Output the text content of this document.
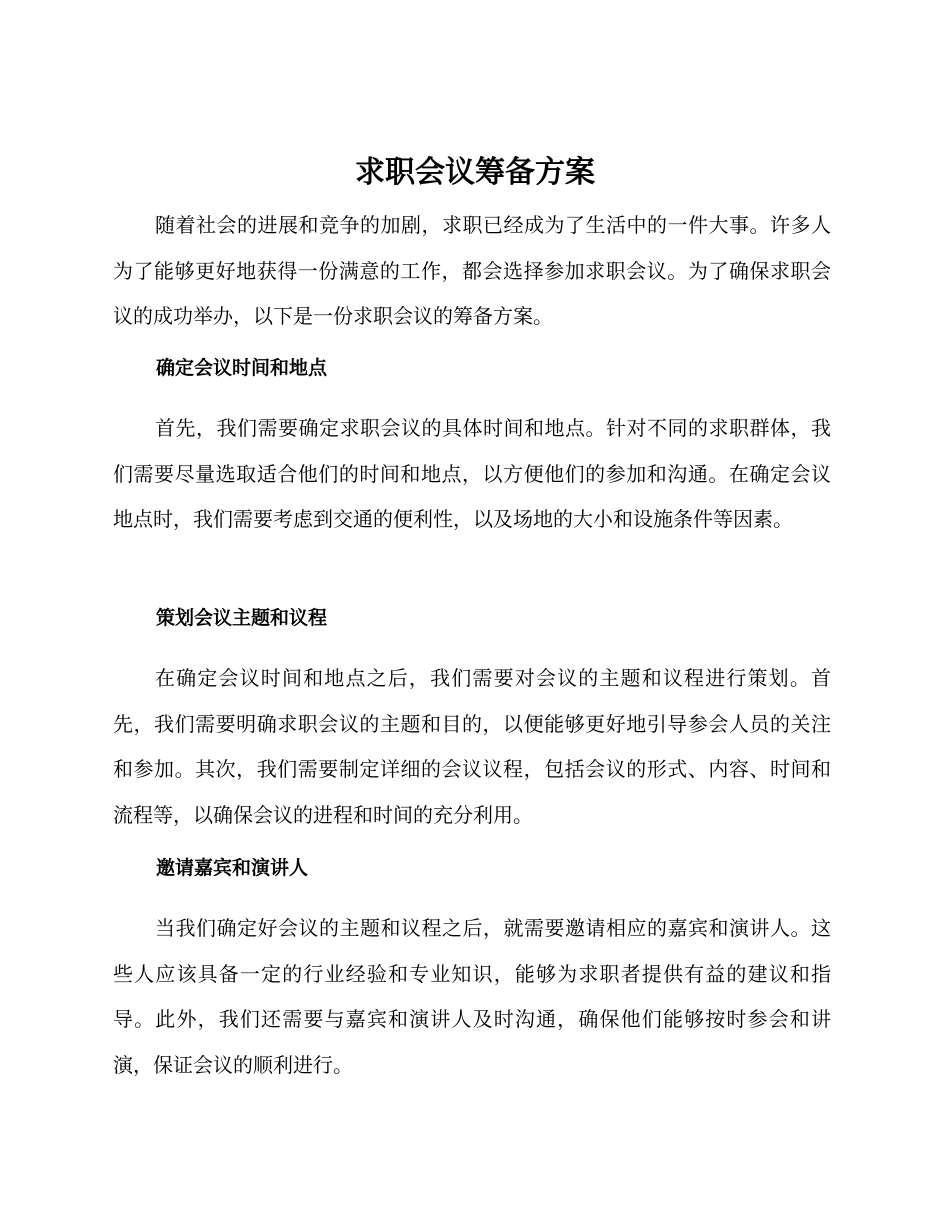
求职会议筹备方案

随着社会的进展和竞争的加剧，求职已经成为了生活中的一件大事。许多人为了能够更好地获得一份满意的工作，都会选择参加求职会议。为了确保求职会议的成功举办，以下是一份求职会议的筹备方案。

确定会议时间和地点

首先，我们需要确定求职会议的具体时间和地点。针对不同的求职群体，我们需要尽量选取适合他们的时间和地点，以方便他们的参加和沟通。在确定会议地点时，我们需要考虑到交通的便利性，以及场地的大小和设施条件等因素。

策划会议主题和议程

在确定会议时间和地点之后，我们需要对会议的主题和议程进行策划。首先，我们需要明确求职会议的主题和目的，以便能够更好地引导参会人员的关注和参加。其次，我们需要制定详细的会议议程，包括会议的形式、内容、时间和流程等，以确保会议的进程和时间的充分利用。

邀请嘉宾和演讲人

当我们确定好会议的主题和议程之后，就需要邀请相应的嘉宾和演讲人。这些人应该具备一定的行业经验和专业知识，能够为求职者提供有益的建议和指导。此外，我们还需要与嘉宾和演讲人及时沟通，确保他们能够按时参会和讲演，保证会议的顺利进行。
